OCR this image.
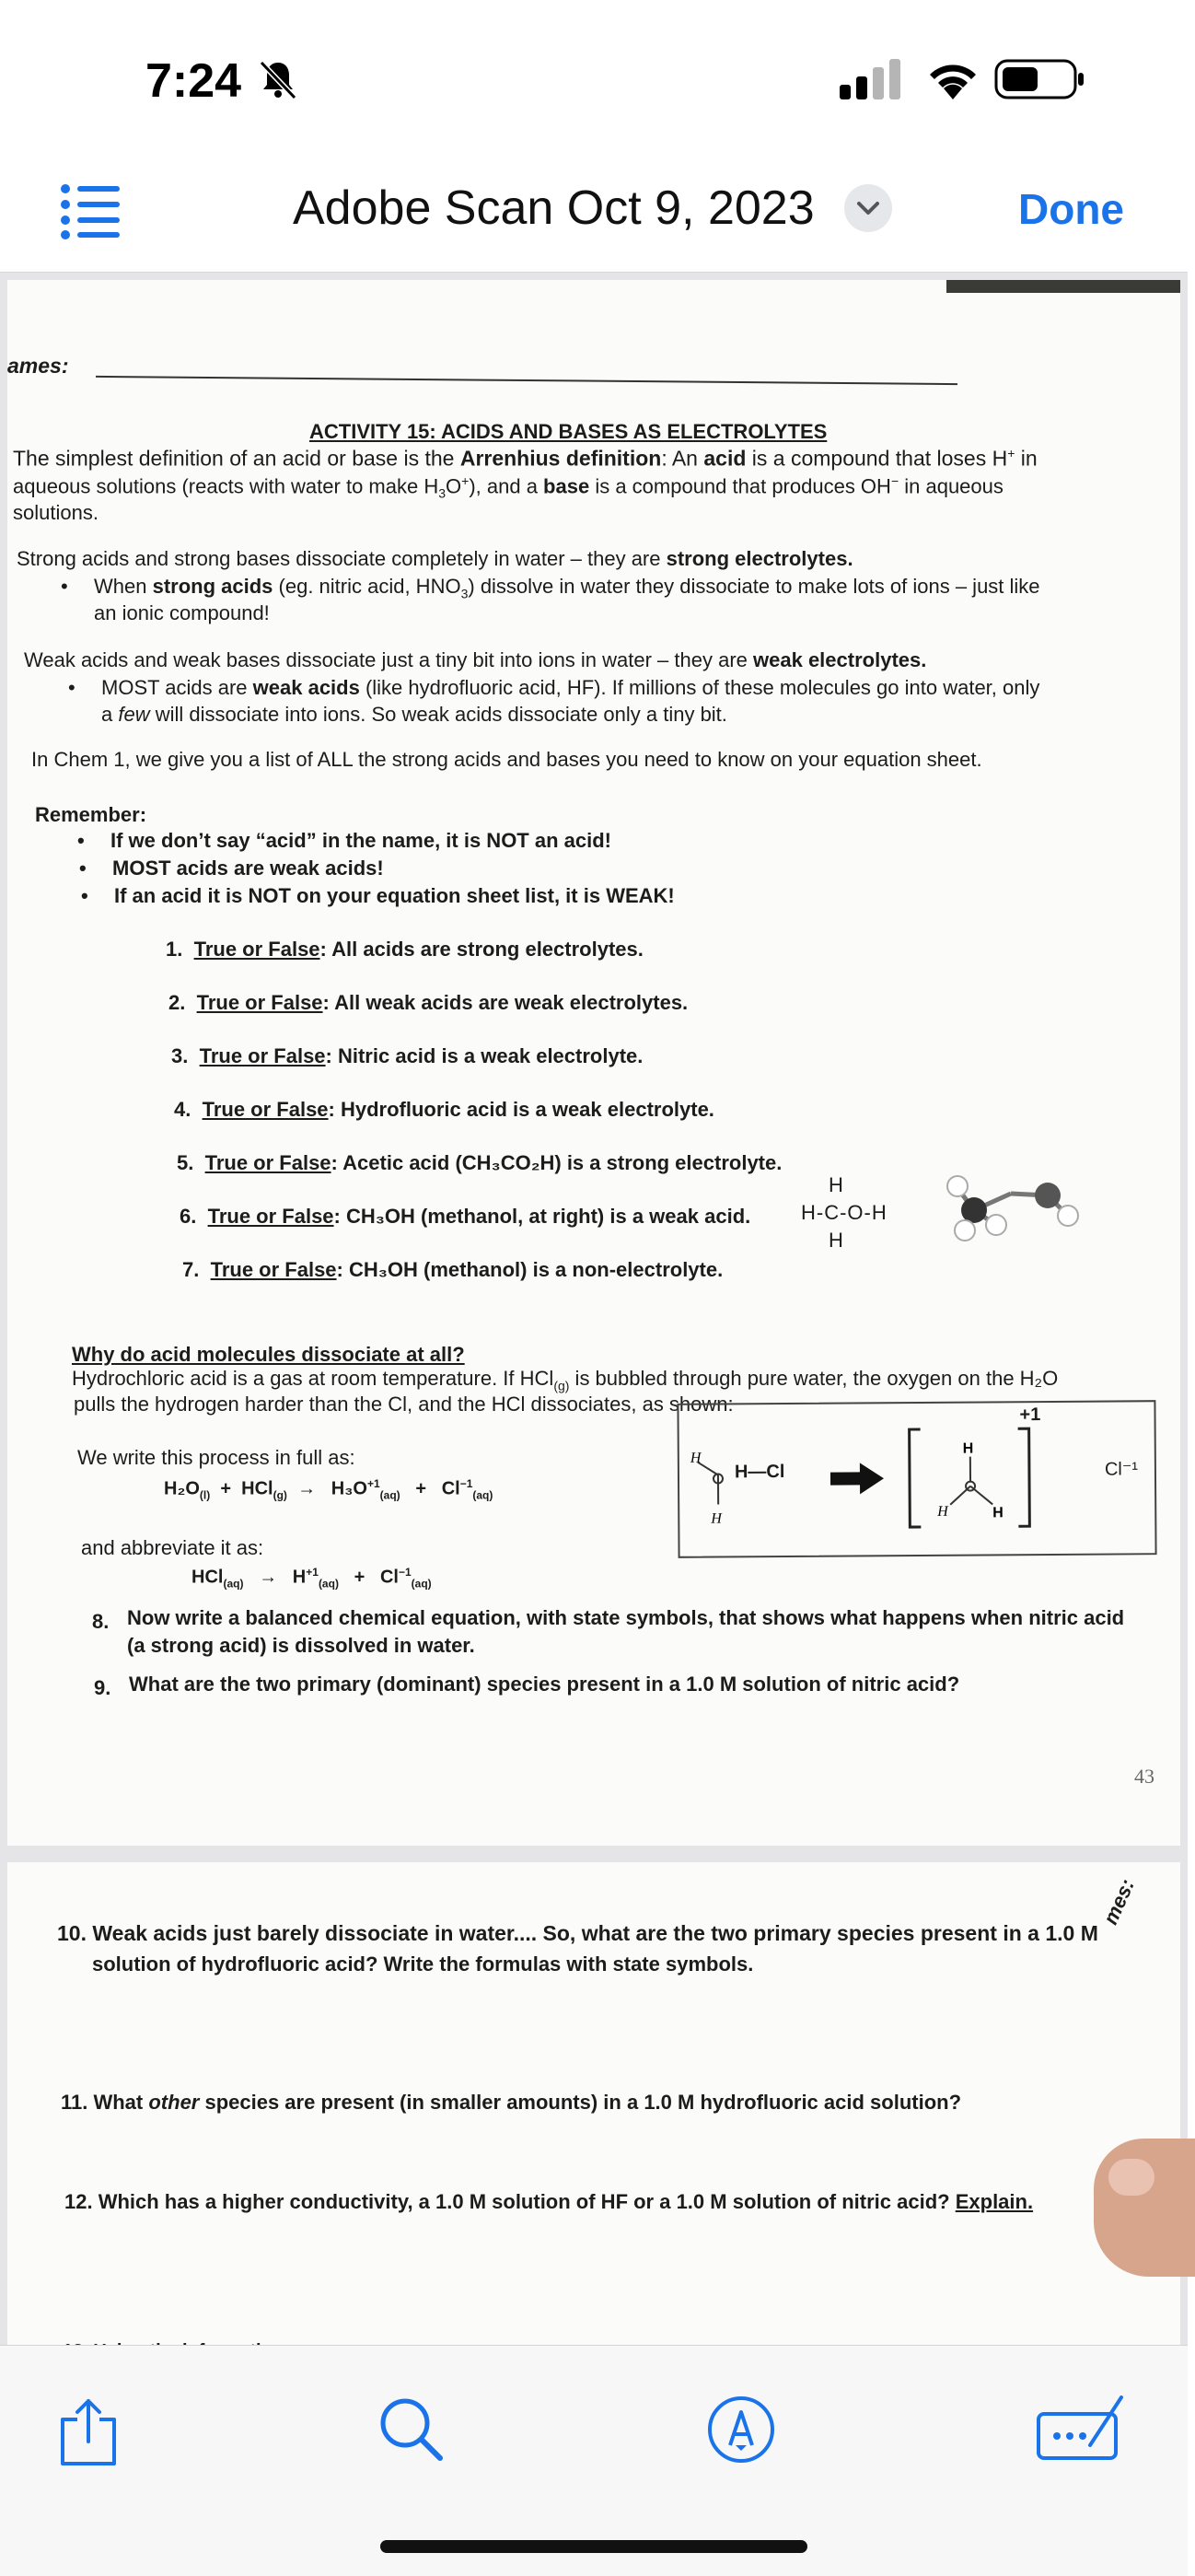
7:24
Adobe Scan Oct 9, 2023	Done
ames:
ACTIVITY 15: ACIDS AND BASES AS ELECTROLYTES
The simplest definition of an acid or base is the Arrenhius definition: An acid is a compound that loses H+ in
aqueous solutions (reacts with water to make $H_3O^+$), and a base is a compound that produces OH− in aqueous
solutions.
Strong acids and strong bases dissociate completely in water – they are strong electrolytes.
• When strong acids (eg. nitric acid, $HNO_3$) dissolve in water they dissociate to make lots of ions – just like
an ionic compound!
Weak acids and weak bases dissociate just a tiny bit into ions in water – they are weak electrolytes.
• MOST acids are weak acids (like hydrofluoric acid, HF). If millions of these molecules go into water, only
a few will dissociate into ions. So weak acids dissociate only a tiny bit.
In Chem 1, we give you a list of ALL the strong acids and bases you need to know on your equation sheet.
Remember:
• If we don’t say “acid” in the name, it is NOT an acid!
• MOST acids are weak acids!
• If an acid it is NOT on your equation sheet list, it is WEAK!
1. True or False: All acids are strong electrolytes.
2. True or False: All weak acids are weak electrolytes.
3. True or False: Nitric acid is a weak electrolyte.
4. True or False: Hydrofluoric acid is a weak electrolyte.
5. True or False: Acetic acid (CH₃CO₂H) is a strong electrolyte.
6. True or False: CH₃OH (methanol, at right) is a weak acid.
7. True or False: CH₃OH (methanol) is a non-electrolyte.
H
H-C-O-H
H
Why do acid molecules dissociate at all?
Hydrochloric acid is a gas at room temperature. If HCl$_{(g)}$ is bubbled through pure water, the oxygen on the H₂O
pulls the hydrogen harder than the Cl, and the HCl dissociates, as shown:
We write this process in full as:
$H_2O_{(l)} + HCl_{(g)} \to H_3O^{+1}_{(aq)} + Cl^{-1}_{(aq)}$
and abbreviate it as:
$HCl_{(aq)} \to H^{+1}_{(aq)} + Cl^{-1}_{(aq)}$
H
H
H—Cl
H
H	H
+1
Cl⁻¹
8. Now write a balanced chemical equation, with state symbols, that shows what happens when nitric acid
(a strong acid) is dissolved in water.
9. What are the two primary (dominant) species present in a 1.0 M solution of nitric acid?
43
mes:
10. Weak acids just barely dissociate in water.... So, what are the two primary species present in a 1.0 M
solution of hydrofluoric acid? Write the formulas with state symbols.
11. What other species are present (in smaller amounts) in a 1.0 M hydrofluoric acid solution?
12. Which has a higher conductivity, a 1.0 M solution of HF or a 1.0 M solution of nitric acid? Explain.
